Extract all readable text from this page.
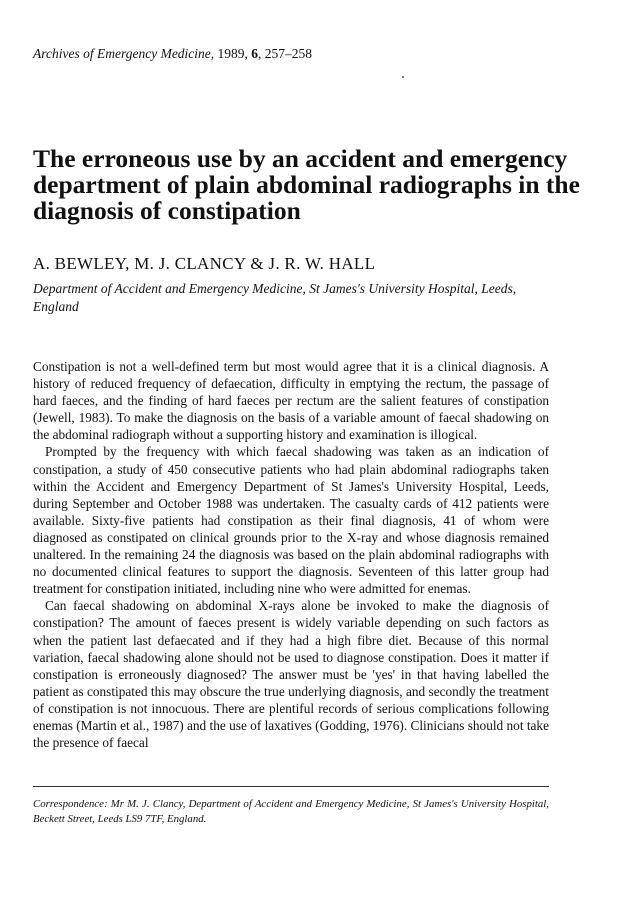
Archives of Emergency Medicine, 1989, 6, 257–258
The erroneous use by an accident and emergency department of plain abdominal radiographs in the diagnosis of constipation
A. BEWLEY, M. J. CLANCY & J. R. W. HALL
Department of Accident and Emergency Medicine, St James's University Hospital, Leeds, England

Constipation is not a well-defined term but most would agree that it is a clinical diagnosis. A history of reduced frequency of defaecation, difficulty in emptying the rectum, the passage of hard faeces, and the finding of hard faeces per rectum are the salient features of constipation (Jewell, 1983). To make the diagnosis on the basis of a variable amount of faecal shadowing on the abdominal radiograph without a supporting history and examination is illogical.

Prompted by the frequency with which faecal shadowing was taken as an indication of constipation, a study of 450 consecutive patients who had plain abdominal radiographs taken within the Accident and Emergency Department of St James's University Hospital, Leeds, during September and October 1988 was undertaken. The casualty cards of 412 patients were available. Sixty-five patients had constipation as their final diagnosis, 41 of whom were diagnosed as constipated on clinical grounds prior to the X-ray and whose diagnosis remained unaltered. In the remaining 24 the diagnosis was based on the plain abdominal radiographs with no documented clinical features to support the diagnosis. Seventeen of this latter group had treatment for constipation initiated, including nine who were admitted for enemas.

Can faecal shadowing on abdominal X-rays alone be invoked to make the diagnosis of constipation? The amount of faeces present is widely variable depending on such factors as when the patient last defaecated and if they had a high fibre diet. Because of this normal variation, faecal shadowing alone should not be used to diagnose constipation. Does it matter if constipation is erroneously diagnosed? The answer must be 'yes' in that having labelled the patient as constipated this may obscure the true underlying diagnosis, and secondly the treatment of constipation is not innocuous. There are plentiful records of serious complications following enemas (Martin et al., 1987) and the use of laxatives (Godding, 1976). Clinicians should not take the presence of faecal

Correspondence: Mr M. J. Clancy, Department of Accident and Emergency Medicine, St James's University Hospital, Beckett Street, Leeds LS9 7TF, England.
